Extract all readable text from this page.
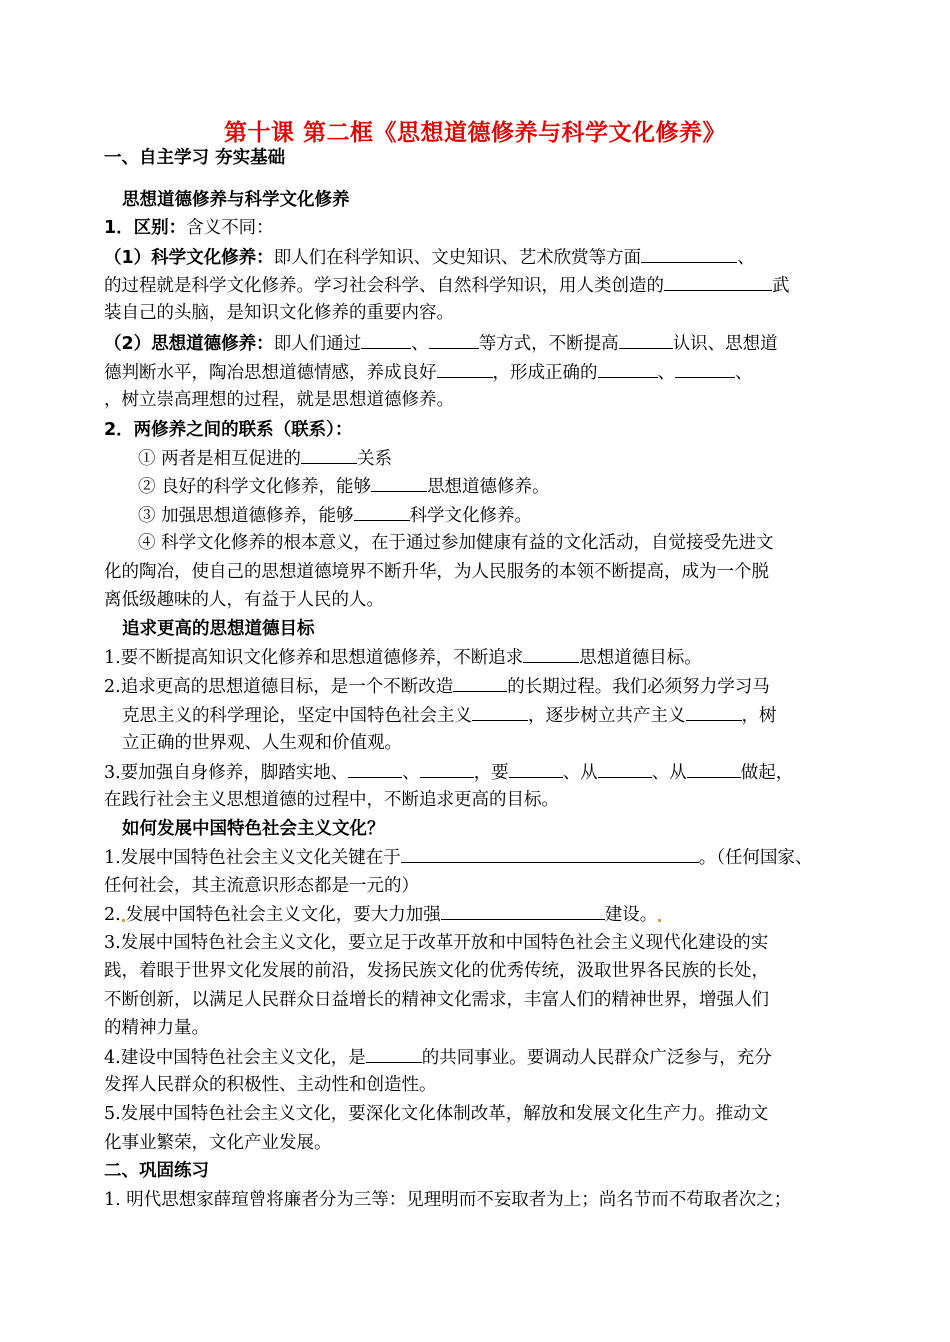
第十课 第二框《思想道德修养与科学文化修养》
一、自主学习 夯实基础
思想道德修养与科学文化修养
1．区别：含义不同：
（1）科学文化修养：即人们在科学知识、文史知识、艺术欣赏等方面	、
的过程就是科学文化修养。学习社会科学、自然科学知识，用人类创造的	武
装自己的头脑，是知识文化修养的重要内容。
（2）思想道德修养：即人们通过	、	等方式，不断提高	认识、思想道
德判断水平，陶冶思想道德情感，养成良好	，形成正确的	、	、
，树立崇高理想的过程，就是思想道德修养。
2．两修养之间的联系（联系）：
① 两者是相互促进的	关系
② 良好的科学文化修养，能够	思想道德修养。
③ 加强思想道德修养，能够	科学文化修养。
④ 科学文化修养的根本意义，在于通过参加健康有益的文化活动，自觉接受先进文
化的陶冶，使自己的思想道德境界不断升华，为人民服务的本领不断提高，成为一个脱
离低级趣味的人，有益于人民的人。
追求更高的思想道德目标
1.要不断提高知识文化修养和思想道德修养，不断追求	思想道德目标。
2.追求更高的思想道德目标，是一个不断改造	的长期过程。我们必须努力学习马
克思主义的科学理论，坚定中国特色社会主义	，逐步树立共产主义	，树
立正确的世界观、人生观和价值观。
3.要加强自身修养，脚踏实地、	、	，要	、从	、从	做起，
在践行社会主义思想道德的过程中，不断追求更高的目标。
如何发展中国特色社会主义文化？
1.发展中国特色社会主义文化关键在于	。（任何国家、
任何社会，其主流意识形态都是一元的）
2. 发展中国特色社会主义文化，要大力加强	建设。
3.发展中国特色社会主义文化，要立足于改革开放和中国特色社会主义现代化建设的实
践，着眼于世界文化发展的前沿，发扬民族文化的优秀传统，汲取世界各民族的长处，
不断创新，以满足人民群众日益增长的精神文化需求，丰富人们的精神世界，增强人们
的精神力量。
4.建设中国特色社会主义文化，是	的共同事业。要调动人民群众广泛参与，充分
发挥人民群众的积极性、主动性和创造性。
5.发展中国特色社会主义文化，要深化文化体制改革，解放和发展文化生产力。推动文
化事业繁荣，文化产业发展。
二、巩固练习
1. 明代思想家薛瑄曾将廉者分为三等：见理明而不妄取者为上；尚名节而不苟取者次之；
